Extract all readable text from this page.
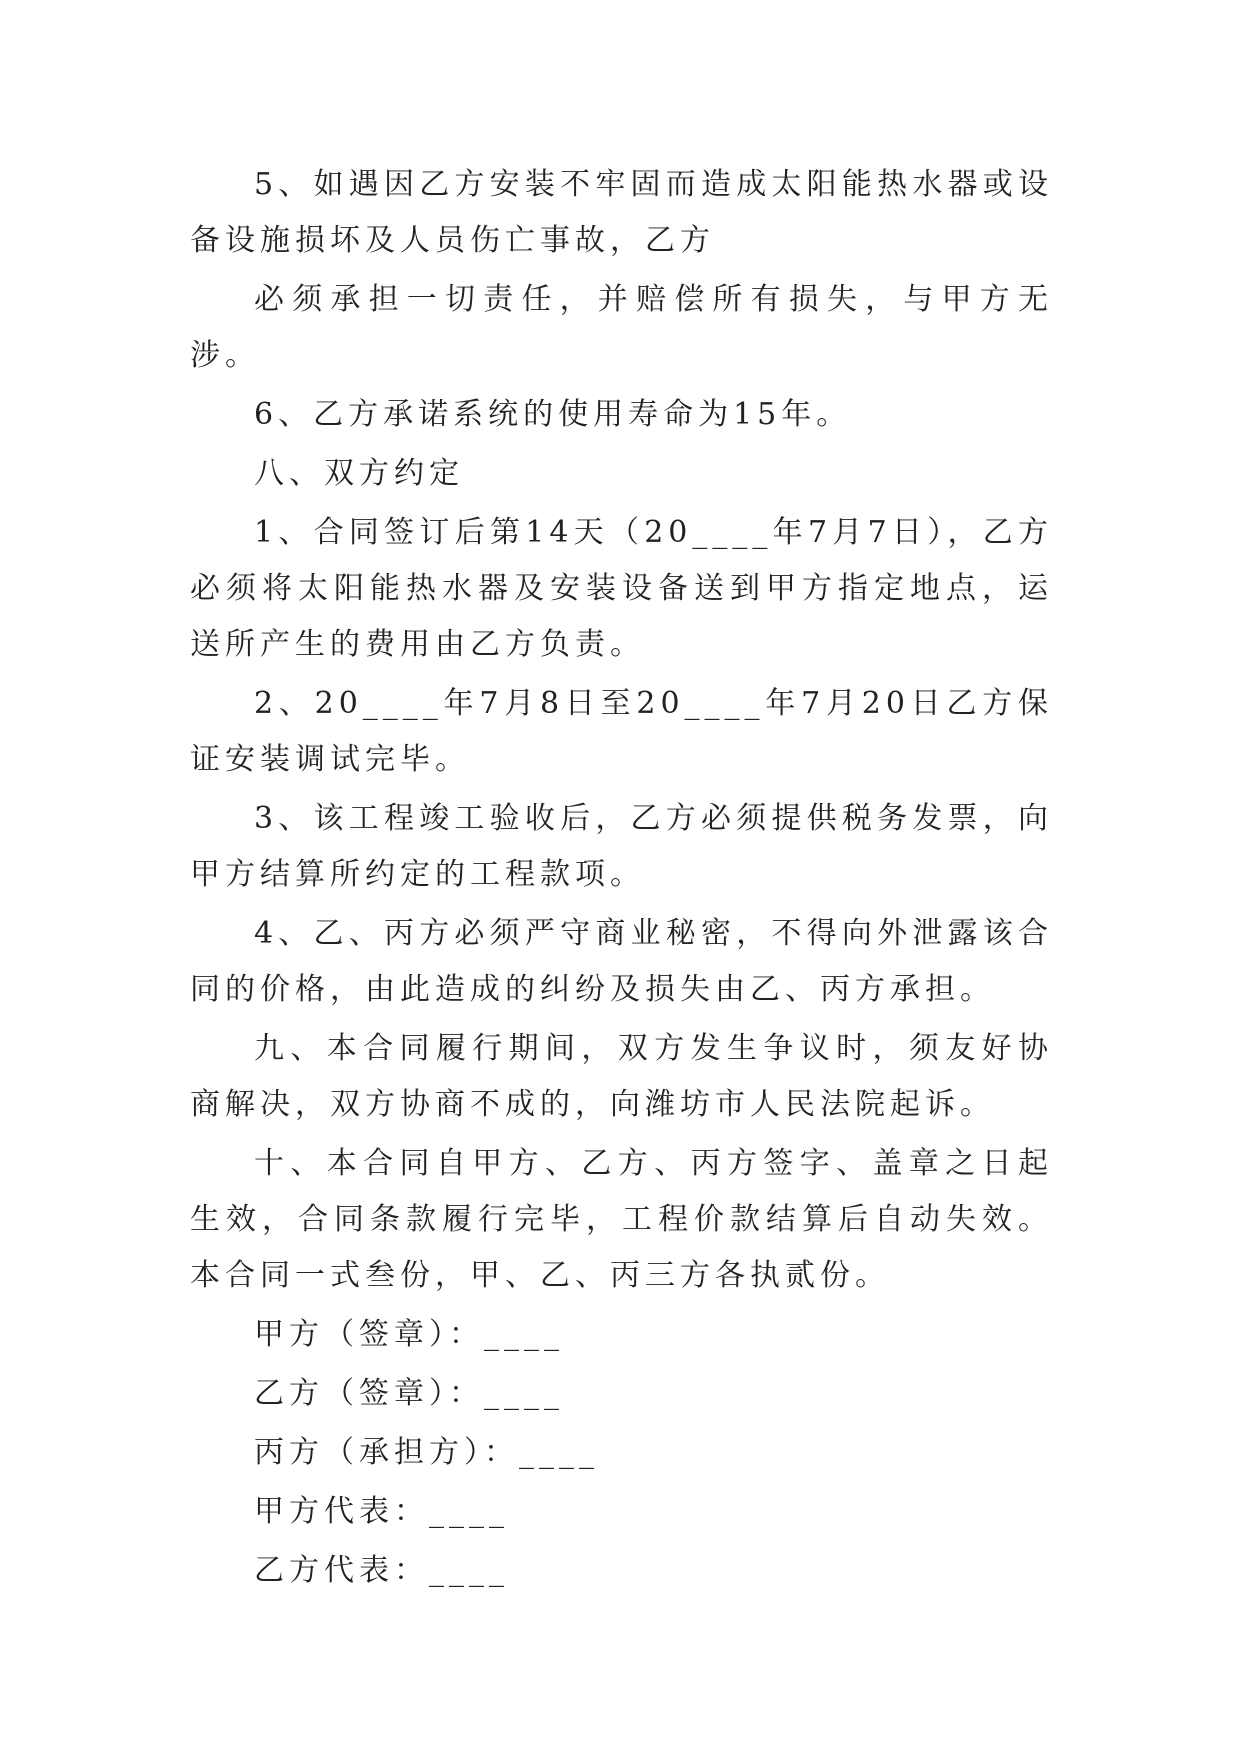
5、如遇因乙方安装不牢固而造成太阳能热水器或设备设施损坏及人员伤亡事故，乙方

必须承担一切责任，并赔偿所有损失，与甲方无涉。

6、乙方承诺系统的使用寿命为15年。

八、双方约定

1、合同签订后第14天（20____年7月7日），乙方必须将太阳能热水器及安装设备送到甲方指定地点，运送所产生的费用由乙方负责。

2、20____年7月8日至20____年7月20日乙方保证安装调试完毕。

3、该工程竣工验收后，乙方必须提供税务发票，向甲方结算所约定的工程款项。

4、乙、丙方必须严守商业秘密，不得向外泄露该合同的价格，由此造成的纠纷及损失由乙、丙方承担。

九、本合同履行期间，双方发生争议时，须友好协商解决，双方协商不成的，向潍坊市人民法院起诉。

十、本合同自甲方、乙方、丙方签字、盖章之日起生效，合同条款履行完毕，工程价款结算后自动失效。本合同一式叁份，甲、乙、丙三方各执贰份。

甲方（签章）：____

乙方（签章）：____

丙方（承担方）：____

甲方代表：____

乙方代表：____
